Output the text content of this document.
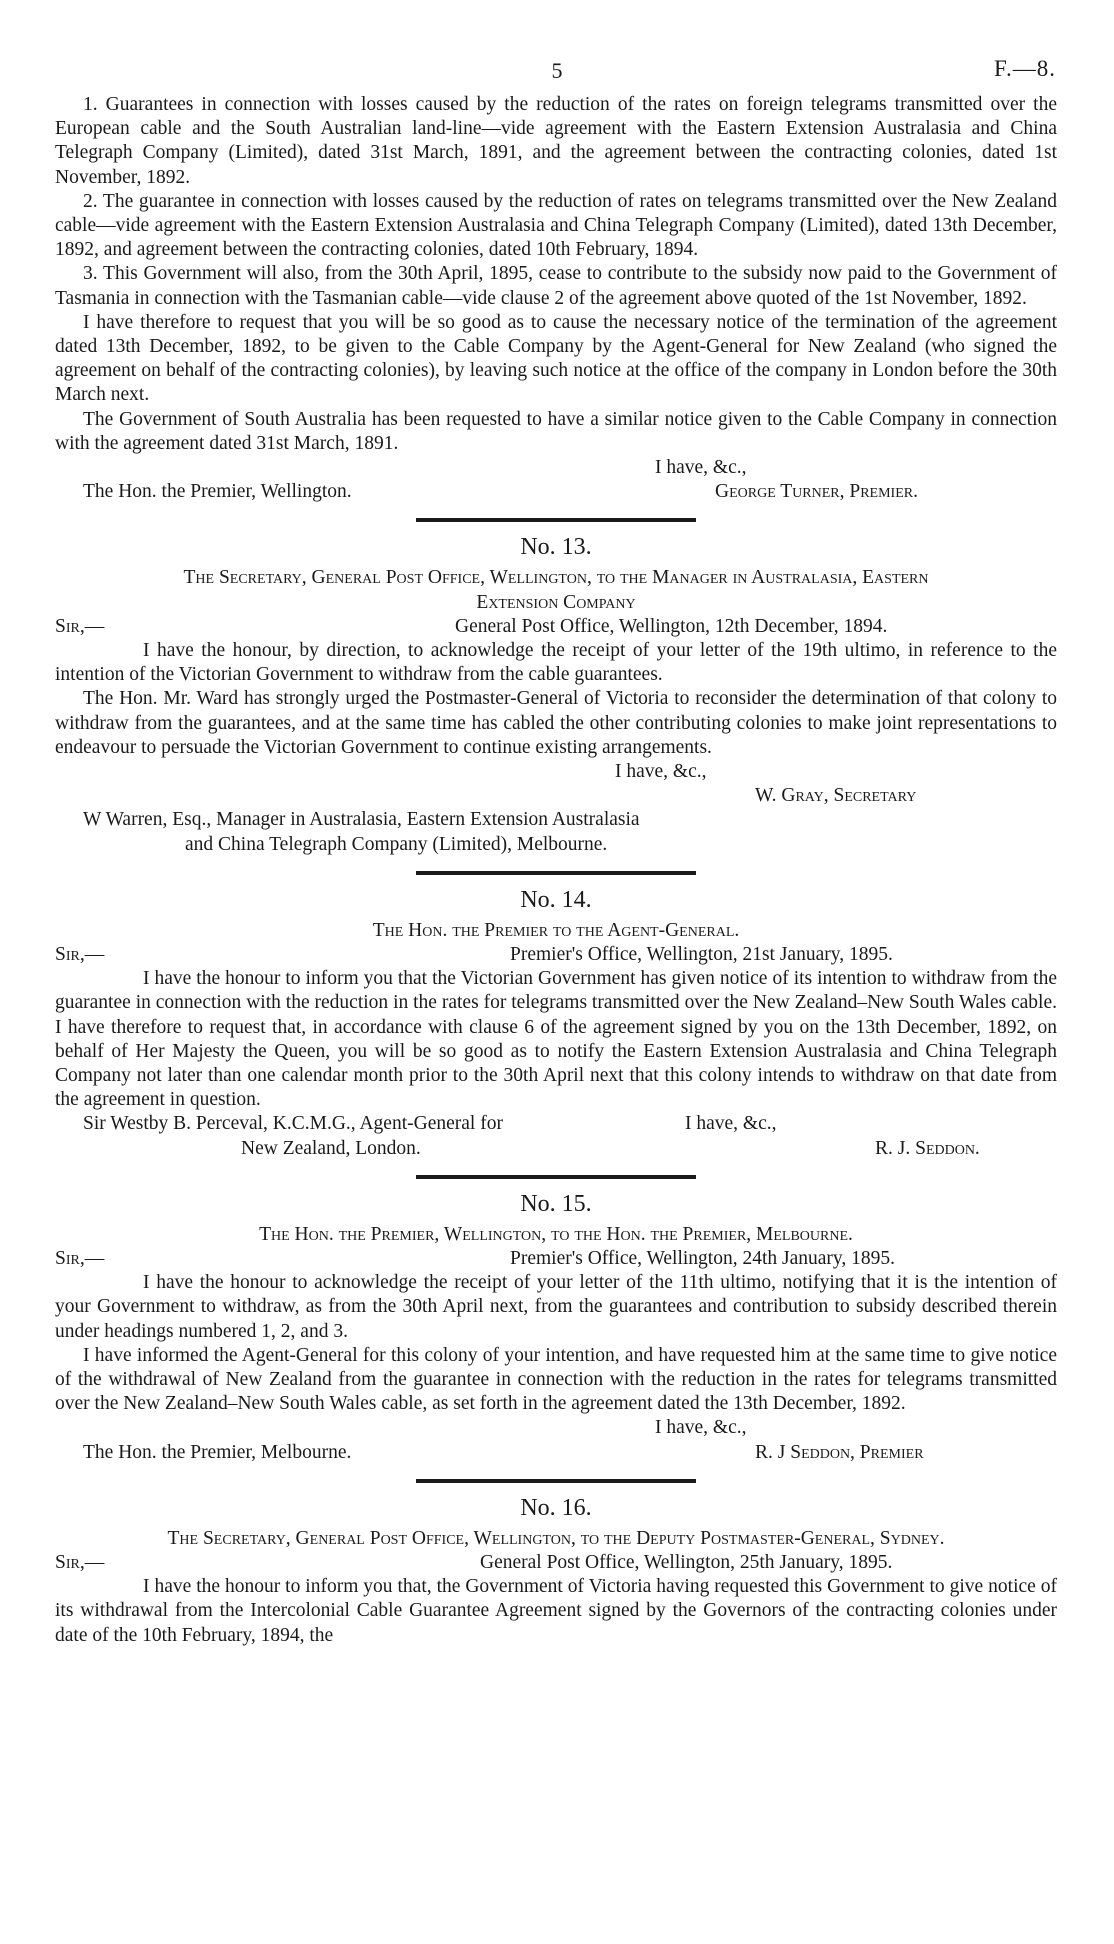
5	F.—8.

1. Guarantees in connection with losses caused by the reduction of the rates on foreign telegrams transmitted over the European cable and the South Australian land-line—vide agreement with the Eastern Extension Australasia and China Telegraph Company (Limited), dated 31st March, 1891, and the agreement between the contracting colonies, dated 1st November, 1892.

2. The guarantee in connection with losses caused by the reduction of rates on telegrams transmitted over the New Zealand cable—vide agreement with the Eastern Extension Australasia and China Telegraph Company (Limited), dated 13th December, 1892, and agreement between the contracting colonies, dated 10th February, 1894.

3. This Government will also, from the 30th April, 1895, cease to contribute to the subsidy now paid to the Government of Tasmania in connection with the Tasmanian cable—vide clause 2 of the agreement above quoted of the 1st November, 1892.

I have therefore to request that you will be so good as to cause the necessary notice of the termination of the agreement dated 13th December, 1892, to be given to the Cable Company by the Agent-General for New Zealand (who signed the agreement on behalf of the contracting colonies), by leaving such notice at the office of the company in London before the 30th March next.

The Government of South Australia has been requested to have a similar notice given to the Cable Company in connection with the agreement dated 31st March, 1891.

I have, &c.,
The Hon. the Premier, Wellington.	George Turner, Premier.
No. 13.
The Secretary, General Post Office, Wellington, to the Manager in Australasia, Eastern
Extension Company
Sir,—	General Post Office, Wellington, 12th December, 1894.

I have the honour, by direction, to acknowledge the receipt of your letter of the 19th ultimo, in reference to the intention of the Victorian Government to withdraw from the cable guarantees.

The Hon. Mr. Ward has strongly urged the Postmaster-General of Victoria to reconsider the determination of that colony to withdraw from the guarantees, and at the same time has cabled the other contributing colonies to make joint representations to endeavour to persuade the Victorian Government to continue existing arrangements.

I have, &c.,
W. Gray, Secretary
W Warren, Esq., Manager in Australasia, Eastern Extension Australasia
and China Telegraph Company (Limited), Melbourne.
No. 14.
The Hon. the Premier to the Agent-General.
Sir,—	Premier's Office, Wellington, 21st January, 1895.

I have the honour to inform you that the Victorian Government has given notice of its intention to withdraw from the guarantee in connection with the reduction in the rates for telegrams transmitted over the New Zealand–New South Wales cable. I have therefore to request that, in accordance with clause 6 of the agreement signed by you on the 13th December, 1892, on behalf of Her Majesty the Queen, you will be so good as to notify the Eastern Extension Australasia and China Telegraph Company not later than one calendar month prior to the 30th April next that this colony intends to withdraw on that date from the agreement in question.

Sir Westby B. Perceval, K.C.M.G., Agent-General for	I have, &c.,
New Zealand, London.	R. J. Seddon.
No. 15.
The Hon. the Premier, Wellington, to the Hon. the Premier, Melbourne.
Sir,—	Premier's Office, Wellington, 24th January, 1895.

I have the honour to acknowledge the receipt of your letter of the 11th ultimo, notifying that it is the intention of your Government to withdraw, as from the 30th April next, from the guarantees and contribution to subsidy described therein under headings numbered 1, 2, and 3.

I have informed the Agent-General for this colony of your intention, and have requested him at the same time to give notice of the withdrawal of New Zealand from the guarantee in connection with the reduction in the rates for telegrams transmitted over the New Zealand–New South Wales cable, as set forth in the agreement dated the 13th December, 1892.

I have, &c.,
The Hon. the Premier, Melbourne.	R. J Seddon, Premier
No. 16.
The Secretary, General Post Office, Wellington, to the Deputy Postmaster-General, Sydney.
Sir,—	General Post Office, Wellington, 25th January, 1895.

I have the honour to inform you that, the Government of Victoria having requested this Government to give notice of its withdrawal from the Intercolonial Cable Guarantee Agreement signed by the Governors of the contracting colonies under date of the 10th February, 1894, the
